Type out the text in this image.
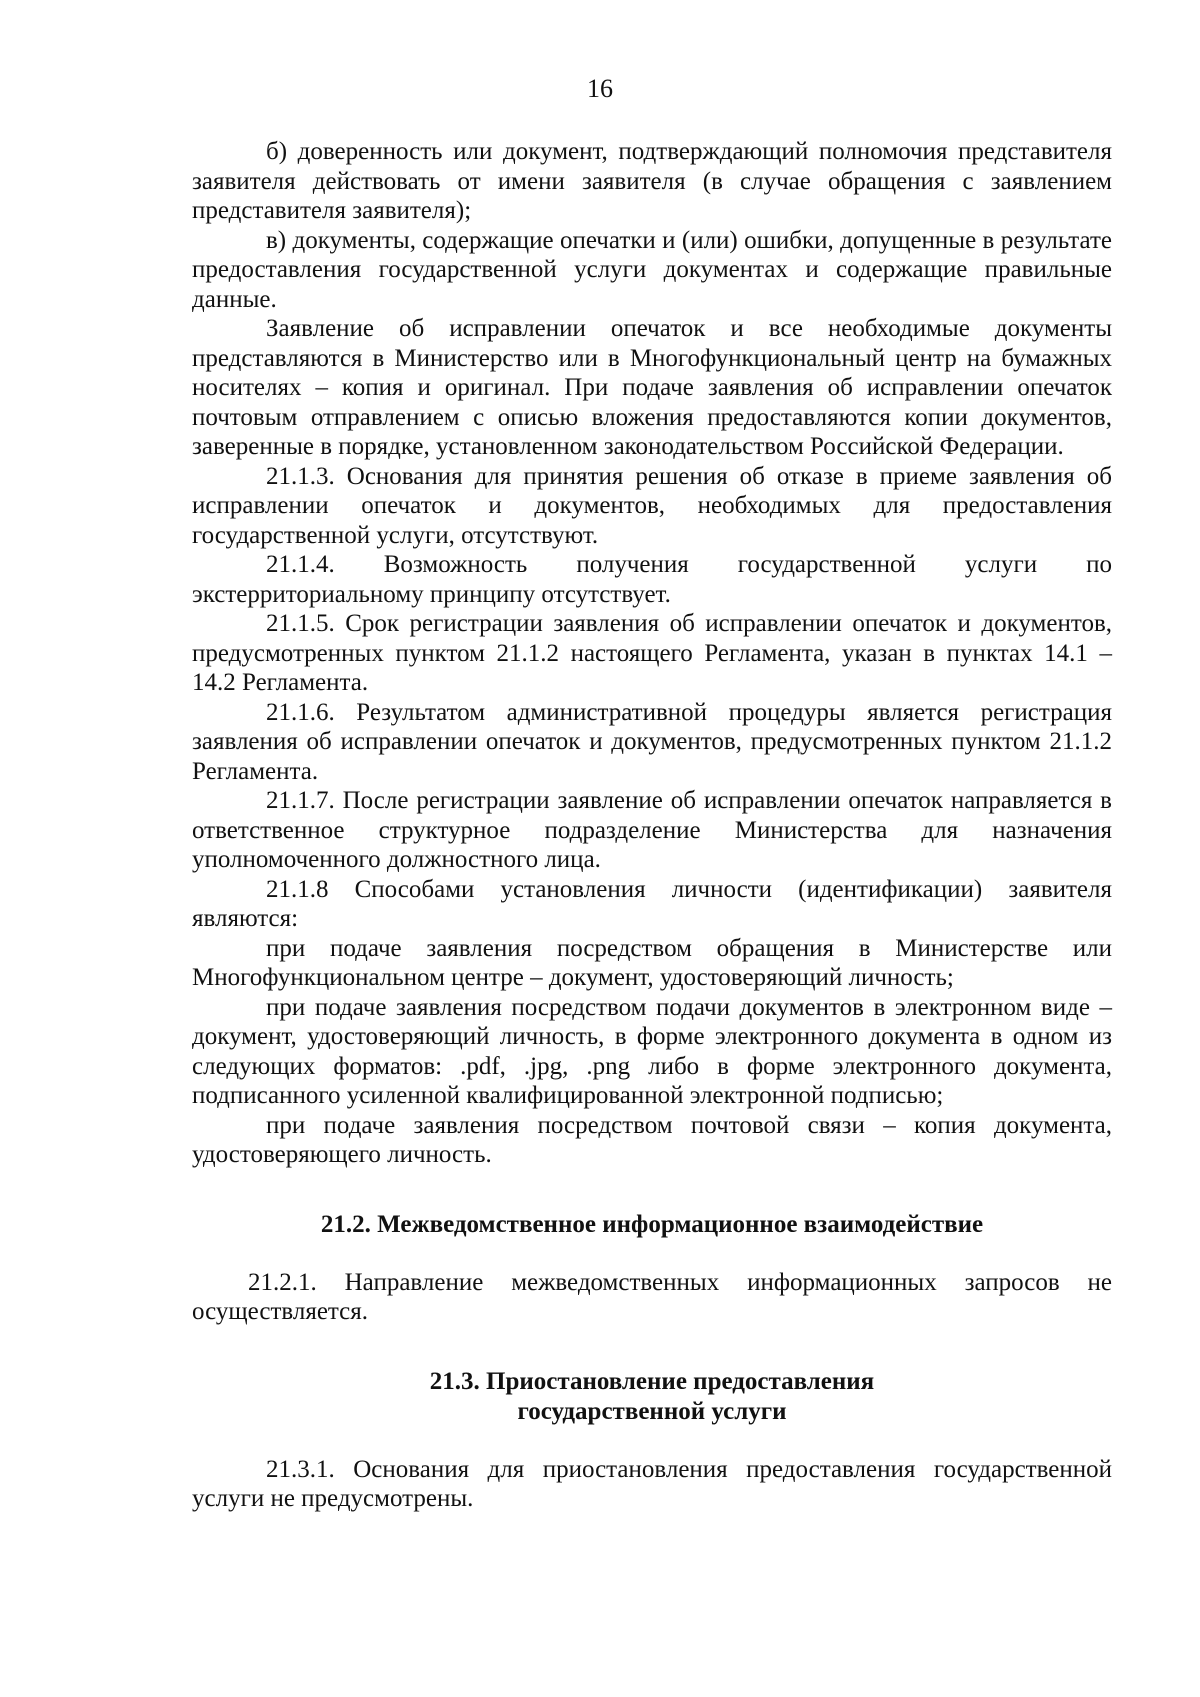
16

б) доверенность или документ, подтверждающий полномочия представителя заявителя действовать от имени заявителя (в случае обращения с заявлением представителя заявителя);

в) документы, содержащие опечатки и (или) ошибки, допущенные в результате предоставления государственной услуги документах и содержащие правильные данные.

Заявление об исправлении опечаток и все необходимые документы представляются в Министерство или в Многофункциональный центр на бумажных носителях – копия и оригинал. При подаче заявления об исправлении опечаток почтовым отправлением с описью вложения предоставляются копии документов, заверенные в порядке, установленном законодательством Российской Федерации.

21.1.3. Основания для принятия решения об отказе в приеме заявления об исправлении опечаток и документов, необходимых для предоставления государственной услуги, отсутствуют.

21.1.4. Возможность получения государственной услуги по экстерриториальному принципу отсутствует.

21.1.5. Срок регистрации заявления об исправлении опечаток и документов, предусмотренных пунктом 21.1.2 настоящего Регламента, указан в пунктах 14.1 – 14.2 Регламента.

21.1.6. Результатом административной процедуры является регистрация заявления об исправлении опечаток и документов, предусмотренных пунктом 21.1.2 Регламента.

21.1.7. После регистрации заявление об исправлении опечаток направляется в ответственное структурное подразделение Министерства для назначения уполномоченного должностного лица.

21.1.8 Способами установления личности (идентификации) заявителя являются:

при подаче заявления посредством обращения в Министерстве или Многофункциональном центре – документ, удостоверяющий личность;

при подаче заявления посредством подачи документов в электронном виде – документ, удостоверяющий личность, в форме электронного документа в одном из следующих форматов: .pdf, .jpg, .png либо в форме электронного документа, подписанного усиленной квалифицированной электронной подписью;

при подаче заявления посредством почтовой связи – копия документа, удостоверяющего личность.

21.2. Межведомственное информационное взаимодействие

21.2.1. Направление межведомственных информационных запросов не осуществляется.

21.3. Приостановление предоставления
государственной услуги

21.3.1. Основания для приостановления предоставления государственной услуги не предусмотрены.
